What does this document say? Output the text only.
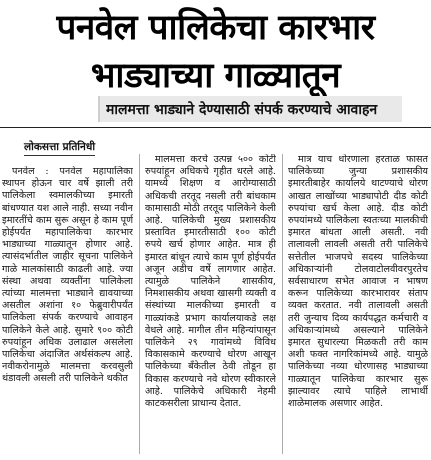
पनवेल पालिकेचा कारभार
भाड्याच्या गाळ्यातून
मालमत्ता भाड्याने देण्यासाठी संपर्क करण्याचे आवाहन
लोकसत्ता प्रतिनिधी

पनवेल : पनवेल महापालिका स्थापन होऊन चार वर्षे झाली तरी पालिकेला स्वमालकीच्या इमारती बांधण्यात यश आले नाही. सध्या नवीन इमारतींचे काम सुरू असून हे काम पूर्ण होईपर्यंत महापालिकेचा कारभार भाड्याच्या गाळ्यातून होणार आहे. त्यासंदर्भातील जाहीर सूचना पालिकेने गाळे मालकांसाठी काढली आहे. ज्या संस्था अथवा व्यक्तींना पालिकेला त्यांच्या मालमत्ता भाड्याने द्यावयाच्या असतील अशांना १० फेब्रुवारीपर्यंत पालिकेला संपर्क करण्याचे आवाहन पालिकेने केले आहे. सुमारे ९०० कोटी रुपयांहून अधिक उलाढाल असलेला पालिकेचा अंदाजित अर्थसंकल्प आहे. नवीकरोनामुळे मालमत्ता करवसुली थंडावली असली तरी पालिकेने थकीत

मालमत्ता करचे उत्पन्न ५०० कोटी रुपयांहून अधिकचे गृहीत धरले आहे. यामध्ये शिक्षण व आरोग्यासाठी अधिकची तरतूद नसली तरी बांधकाम कामासाठी मोठी तरतूद पालिकेने केली आहे. पालिकेची मुख्य प्रशासकीय प्रस्तावित इमारतीसाठी १०० कोटी रुपये खर्च होणार आहेत. मात्र ही इमारत बांधून त्याचे काम पूर्ण होईपर्यंत अजून अडीच वर्षे लागणार आहेत. त्यामुळे पालिकेने शासकीय, निमशासकीय अथवा खासगी व्यक्ती व संस्थांच्या मालकीच्या इमारती व गाळ्यांकडे प्रभाग कार्यालयाकडे लक्ष वेधले आहे. मागील तीन महिन्यांपासून पालिकेने २९ गावांमध्ये विविध विकासकामे करण्याचे धोरण आखून पालिकेच्या बँकेतील ठेवी तोडून हा विकास करण्याचे नवे धोरण स्वीकारले आहे. पालिकेचे अधिकारी नेहमी काटकसरीला प्राधान्य देतात.

मात्र याच धोरणाला हरताळ फासत पालिकेच्या जुन्या प्रशासकीय इमारतीबाहेर कार्यालये थाटण्याचे धोरण आखत लाखोंच्या भाड्यापोटी दीड कोटी रुपयांचा खर्च केला आहे. दीड कोटी रुपयांमध्ये पालिकेला स्वतःच्या मालकीची इमारत बांधता आली असती. नवी तालावली लावली असती तरी पालिकेचे सत्तेतील भाजपचे सदस्य पालिकेच्या अधिकाऱ्यांनी टोलवाटोलवीवरपुरतेच सर्वसाधारण सभेत आवाज न भाषण करून पालिकेच्या कारभारावर संताप व्यक्त करतात. नवी तालावली असती तरी जुन्याच दिव्य कार्यपद्धत कर्मचारी व अधिकाऱ्यांमध्ये असल्याने पालिकेने इमारत सुधारल्या मिळकती तरी काम अशी फक्त नागरिकांमध्ये आहे. यामुळे पालिकेच्या नव्या धोरणासह भाड्याच्या गाळ्यातून पालिकेचा कारभार सुरू झाल्यावर त्याचे पाहिले लाभार्थी शाळेमालक असणार आहेत.
